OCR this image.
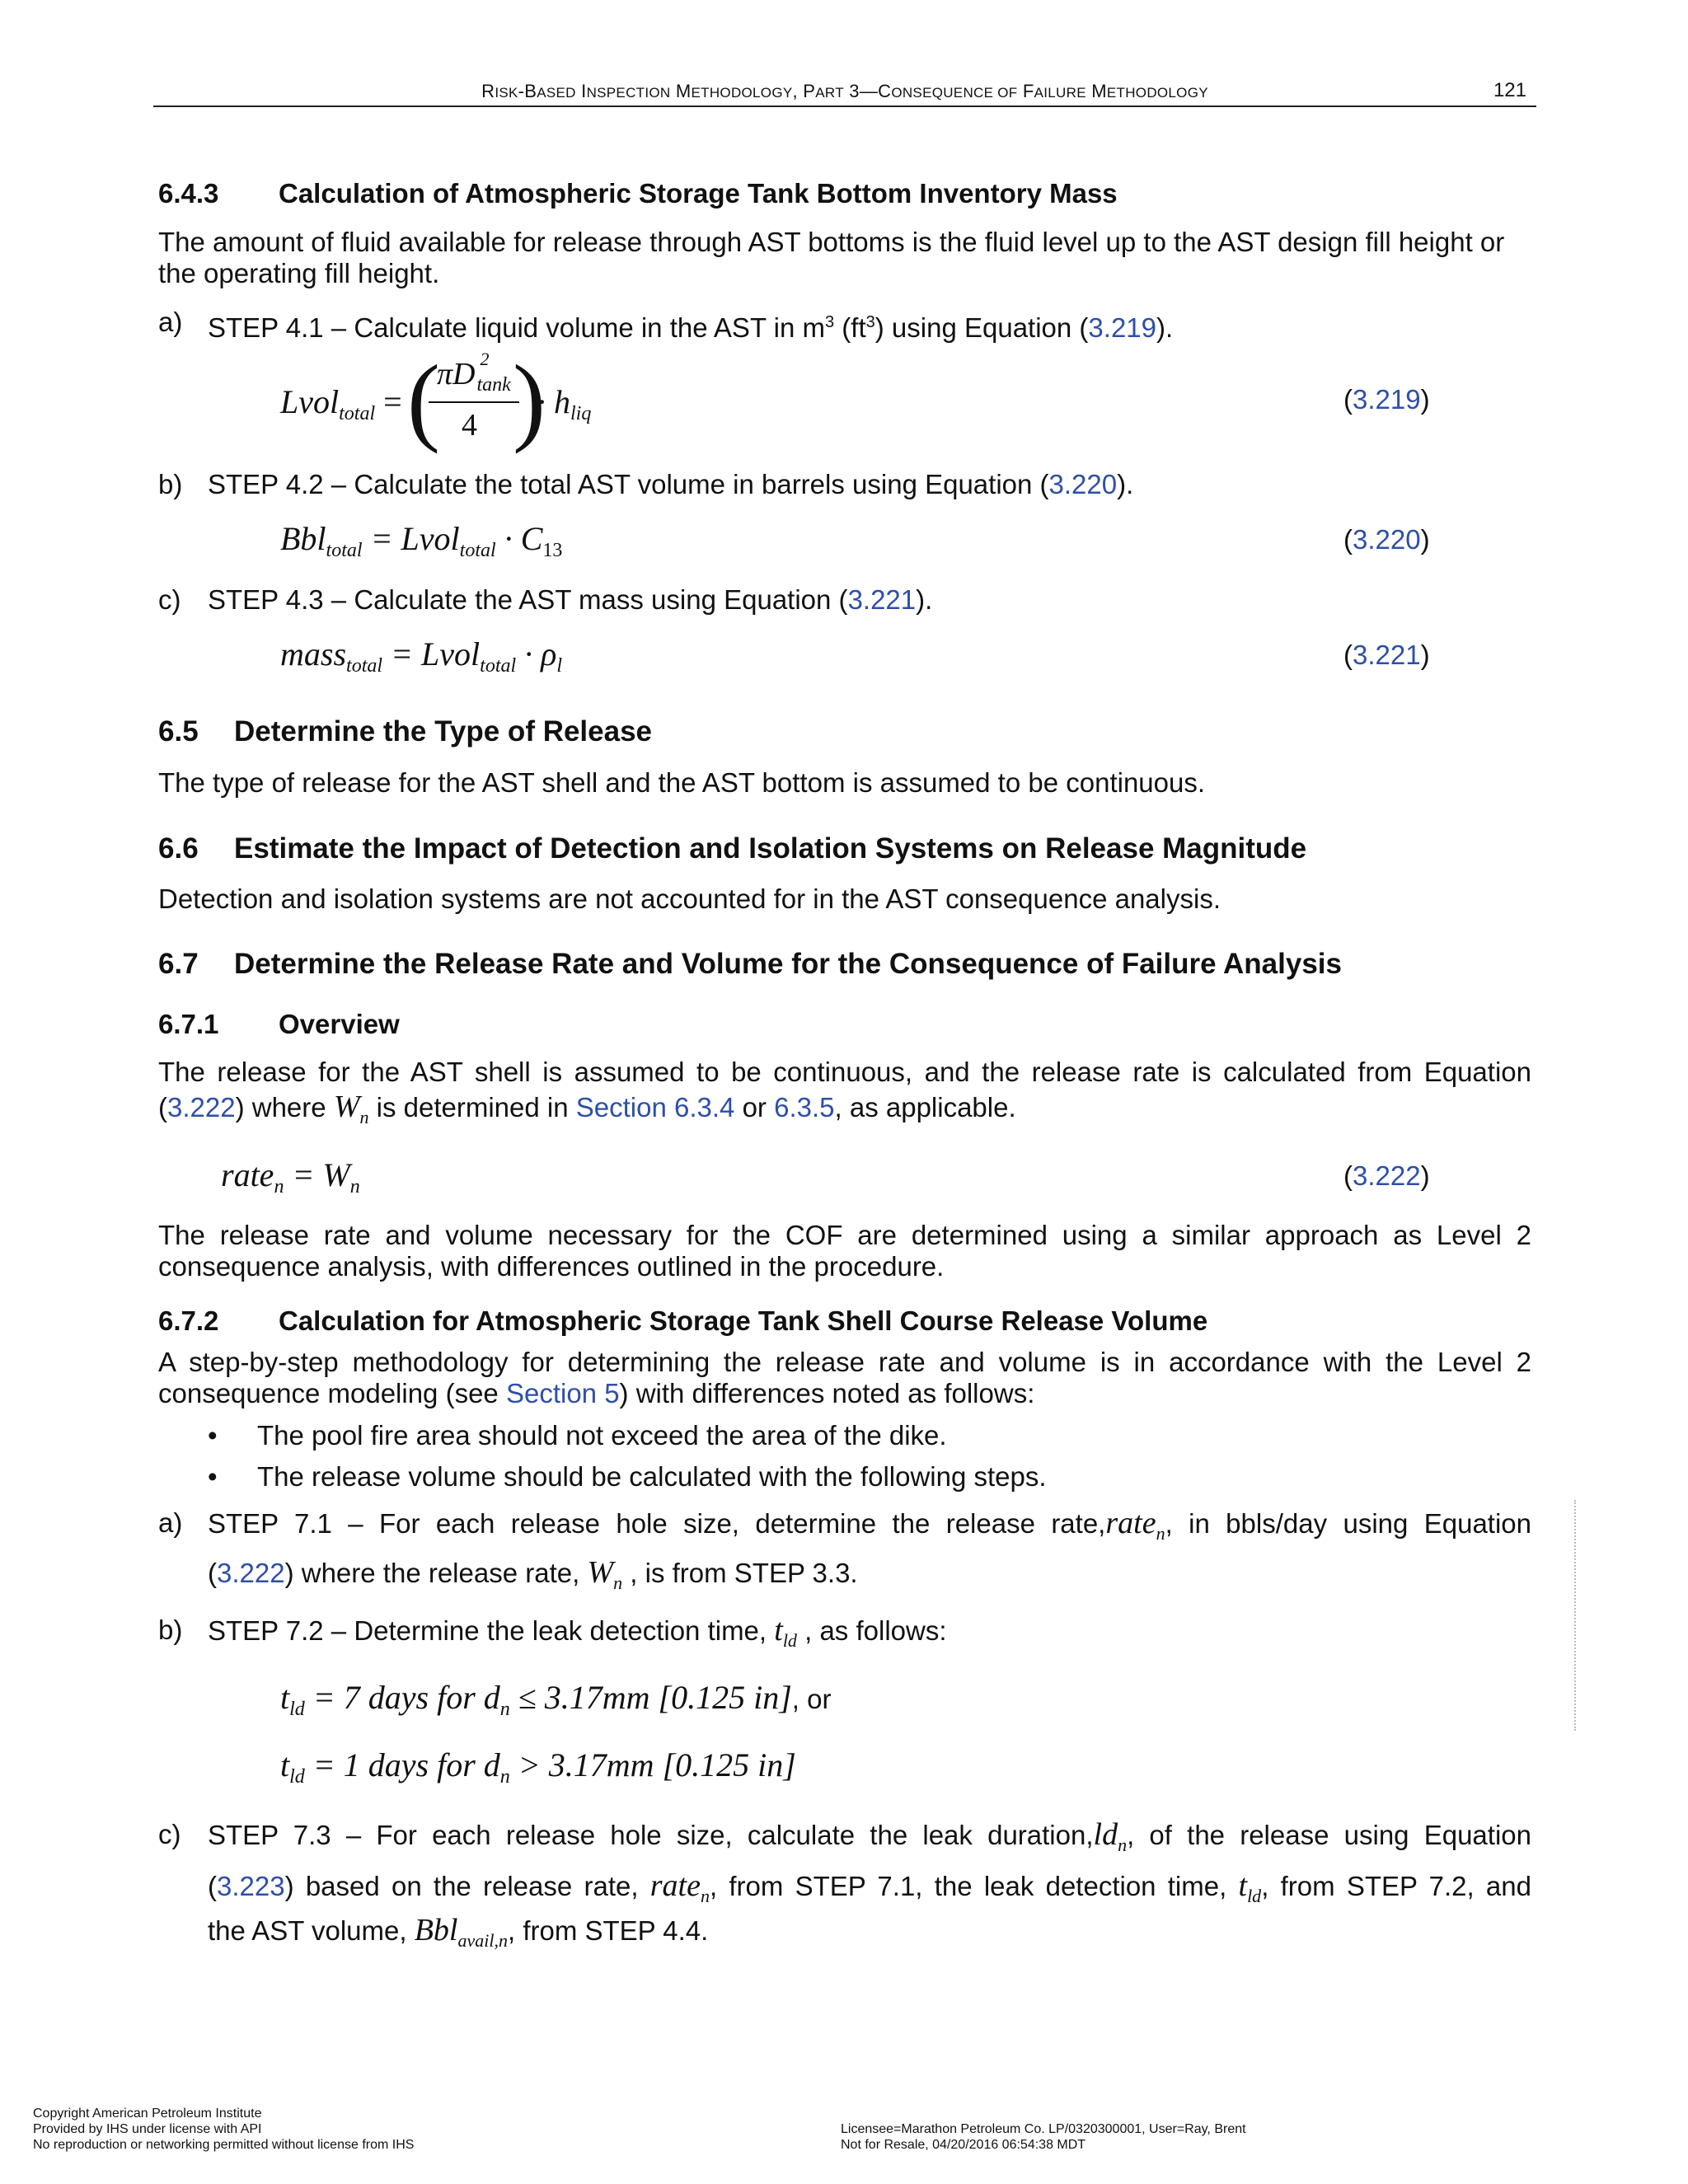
RISK-BASED INSPECTION METHODOLOGY, PART 3—CONSEQUENCE OF FAILURE METHODOLOGY	121
6.4.3 Calculation of Atmospheric Storage Tank Bottom Inventory Mass
The amount of fluid available for release through AST bottoms is the fluid level up to the AST design fill height or the operating fill height.
a) STEP 4.1 – Calculate liquid volume in the AST in $m^3$ $(ft^3)$ using Equation (3.219).
Lvol$_{total}$ = (
πD 2
$_{tank}$
4 )
· $h_{liq}$	(3.219)
b) STEP 4.2 – Calculate the total AST volume in barrels using Equation (3.220).
Bbl$_{total}$ = Lvol$_{total}$ · $C_{13}$	(3.220)
c) STEP 4.3 – Calculate the AST mass using Equation (3.221).
mass$_{total}$ = Lvol$_{total}$ · $\rho_l$	(3.221)
6.5 Determine the Type of Release
The type of release for the AST shell and the AST bottom is assumed to be continuous.
6.6 Estimate the Impact of Detection and Isolation Systems on Release Magnitude
Detection and isolation systems are not accounted for in the AST consequence analysis.
6.7 Determine the Release Rate and Volume for the Consequence of Failure Analysis
6.7.1 Overview
The release for the AST shell is assumed to be continuous, and the release rate is calculated from Equation
(3.222) where $W_n$ is determined in Section 6.3.4 or 6.3.5, as applicable.
rate$_n$ = $W_n$	(3.222)
The release rate and volume necessary for the COF are determined using a similar approach as Level 2 consequence analysis, with differences outlined in the procedure.
6.7.2 Calculation for Atmospheric Storage Tank Shell Course Release Volume
A step-by-step methodology for determining the release rate and volume is in accordance with the Level 2 consequence modeling (see Section 5) with differences noted as follows:
• The pool fire area should not exceed the area of the dike.
• The release volume should be calculated with the following steps.
a) STEP 7.1 – For each release hole size, determine the release rate,rate$_n$, in bbls/day using Equation
(3.222) where the release rate, $W_n$ , is from STEP 3.3.
b) STEP 7.2 – Determine the leak detection time, $t_{ld}$ , as follows:
$t_{ld} = 7$ days for $d_n \le 3.17mm$ [0.125 in], or
$t_{ld} = 1$ days for $d_n > 3.17mm$ [0.125 in]
c) STEP 7.3 – For each release hole size, calculate the leak $duration,ld_n$, of the release using Equation
(3.223) based on the release rate, rate$_n$, from STEP 7.1, the leak detection time, $t_{ld}$, from STEP 7.2, and
the AST volume, Bbl$_{avail,n}$, from STEP 4.4.
Copyright American Petroleum Institute
Provided by IHS under license with API
No reproduction or networking permitted without license from IHS
Licensee=Marathon Petroleum Co. LP/0320300001, User=Ray, Brent
Not for Resale, 04/20/2016 06:54:38 MDT
